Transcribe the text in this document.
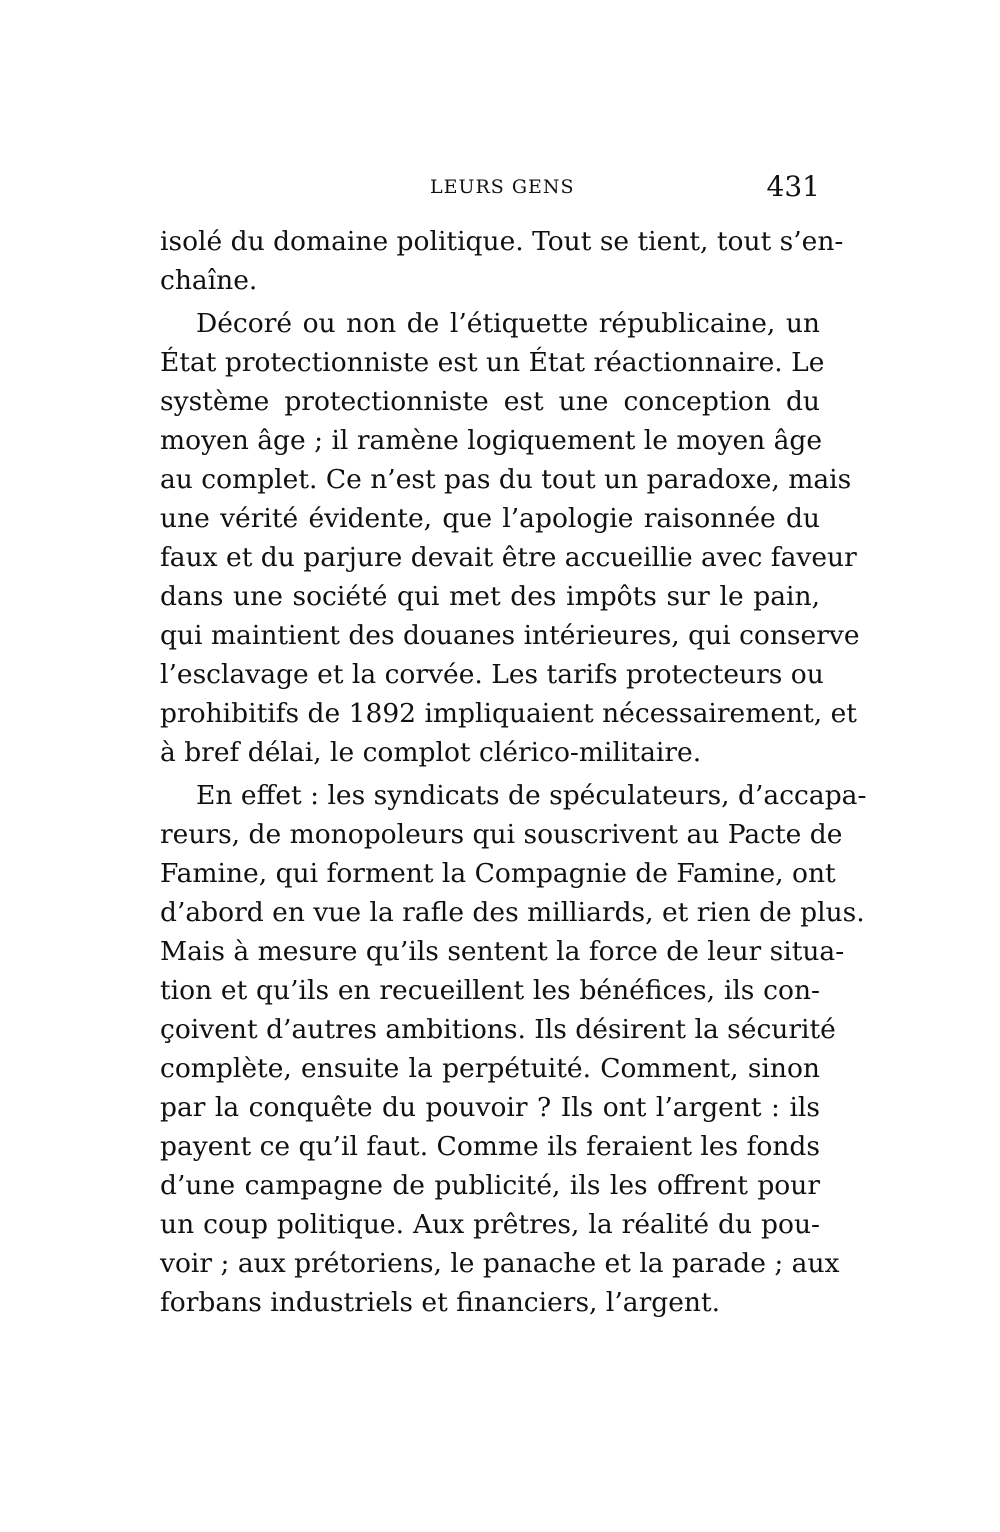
LEURS GENS	431
isolé du domaine politique. Tout se tient, tout s’en-
chaîne.
Décoré ou non de l’étiquette républicaine, un
État protectionniste est un État réactionnaire. Le
système protectionniste est une conception du
moyen âge ; il ramène logiquement le moyen âge
au complet. Ce n’est pas du tout un paradoxe, mais
une vérité évidente, que l’apologie raisonnée du
faux et du parjure devait être accueillie avec faveur
dans une société qui met des impôts sur le pain,
qui maintient des douanes intérieures, qui conserve
l’esclavage et la corvée. Les tarifs protecteurs ou
prohibitifs de 1892 impliquaient nécessairement, et
à bref délai, le complot clérico-militaire.
En effet : les syndicats de spéculateurs, d’accapa-
reurs, de monopoleurs qui souscrivent au Pacte de
Famine, qui forment la Compagnie de Famine, ont
d’abord en vue la rafle des milliards, et rien de plus.
Mais à mesure qu’ils sentent la force de leur situa-
tion et qu’ils en recueillent les bénéfices, ils con-
çoivent d’autres ambitions. Ils désirent la sécurité
complète, ensuite la perpétuité. Comment, sinon
par la conquête du pouvoir ? Ils ont l’argent : ils
payent ce qu’il faut. Comme ils feraient les fonds
d’une campagne de publicité, ils les offrent pour
un coup politique. Aux prêtres, la réalité du pou-
voir ; aux prétoriens, le panache et la parade ; aux
forbans industriels et financiers, l’argent.
